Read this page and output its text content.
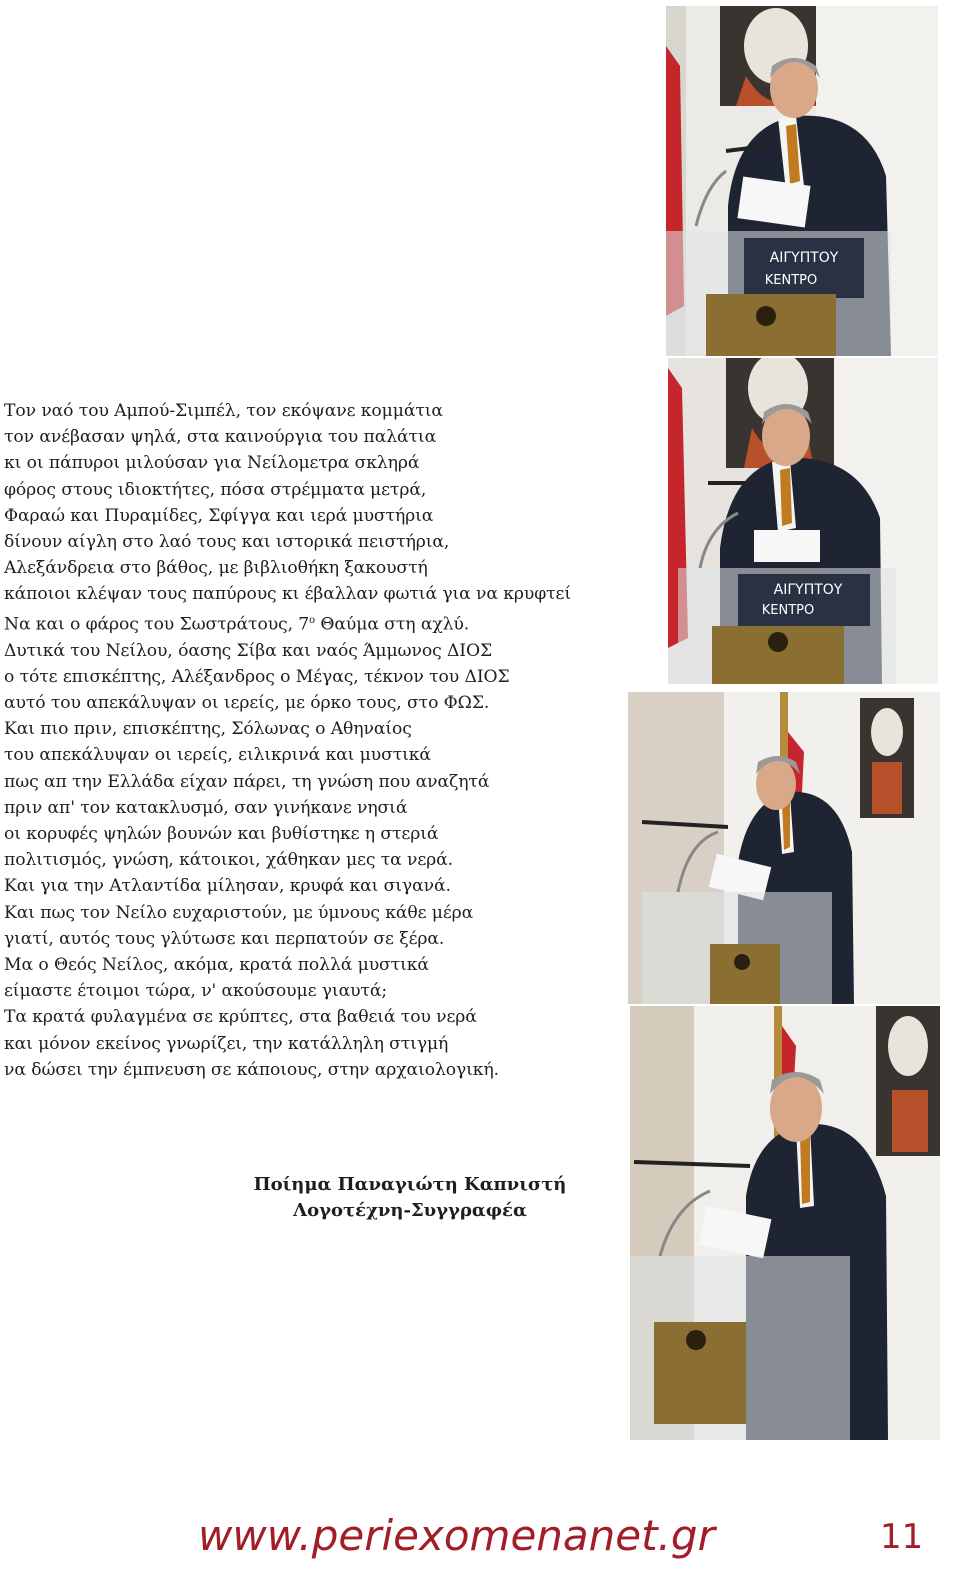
Τον ναό του Αμπού-Σιμπέλ, τον εκόψανε κομμάτια
τον ανέβασαν ψηλά, στα καινούργια του παλάτια
κι οι πάπυροι μιλούσαν για Νείλομετρα σκληρά
φόρος στους ιδιοκτήτες, πόσα στρέμματα μετρά,
Φαραώ και Πυραμίδες, Σφίγγα και ιερά μυστήρια
δίνουν αίγλη στο λαό τους και ιστορικά πειστήρια,
Αλεξάνδρεια στο βάθος, με βιβλιοθήκη ξακουστή
κάποιοι κλέψαν τους παπύρους κι έβαλλαν φωτιά για να κρυφτεί
Να και ο φάρος του Σωστράτους, $7^o$ Θαύμα στη αχλύ.
Δυτικά του Νείλου, όασης Σίβα και ναός Άμμωνος ΔΙΟΣ
ο τότε επισκέπτης, Αλέξανδρος ο Μέγας, τέκνον του ΔΙΟΣ
αυτό του απεκάλυψαν οι ιερείς, με όρκο τους, στο ΦΩΣ.
Και πιο πριν, επισκέπτης, Σόλωνας ο Αθηναίος
του απεκάλυψαν οι ιερείς, ειλικρινά και μυστικά
πως απ την Ελλάδα είχαν πάρει, τη γνώση που αναζητά
πριν απ' τον κατακλυσμό, σαν γινήκανε νησιά
οι κορυφές ψηλών βουνών και βυθίστηκε η στεριά
πολιτισμός, γνώση, κάτοικοι, χάθηκαν μες τα νερά.
Και για την Ατλαντίδα μίλησαν, κρυφά και σιγανά.
Και πως τον Νείλο ευχαριστούν, με ύμνους κάθε μέρα
γιατί, αυτός τους γλύτωσε και περπατούν σε ξέρα.
Μα ο Θεός Νείλος, ακόμα, κρατά πολλά μυστικά
είμαστε έτοιμοι τώρα, ν' ακούσουμε γιαυτά;
Τα κρατά φυλαγμένα σε κρύπτες, στα βαθειά του νερά
και μόνον εκείνος γνωρίζει, την κατάλληλη στιγμή
να δώσει την έμπνευση σε κάποιους, στην αρχαιολογική.
Ποίημα Παναγιώτη Καπνιστή
Λογοτέχνη-Συγγραφέα
ΑΙΓΥΠΤΟΥ
ΚΕΝΤΡΟ
ΑΙΓΥΠΤΟΥ
ΚΕΝΤΡΟ
www.periexomenanet.gr	11
